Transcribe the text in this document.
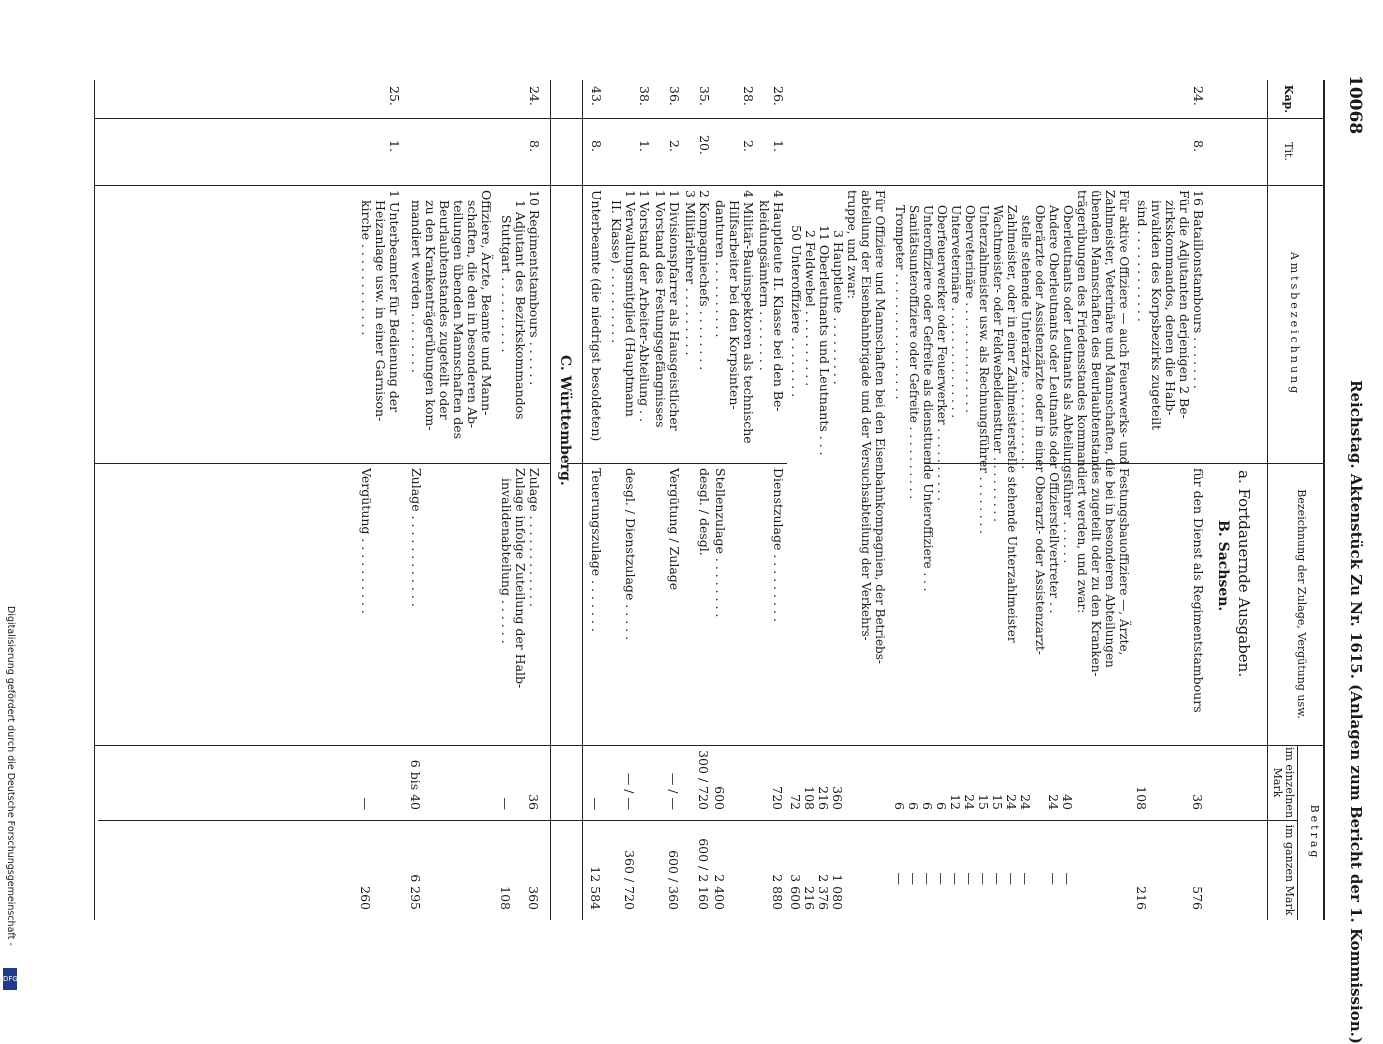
10068
Reichstag. Aktenstück Zu Nr. 1615. (Anlagen zum Bericht der 1. Kommission.)
Kap.
Tit.
Amtsbezeichnung
Bezeichnung der Zulage, Vergütung usw.
Betrag
im einzelnen Mark
im ganzen Mark
a. Fortdauernde Ausgaben.
B. Sachsen.
24.
8.
16 Bataillonstambours . . . . . . .
Für die Adjutanten derjenigen 2 Be-
zirkskommandos, denen die Halb-
invaliden des Korpsbezirks zugeteilt
sind . . . . . . . . . . . .
für den Dienst als Regimentstambours
36
576
108
216
Für aktive Offiziere — auch Feuerwerks- und Festungsbauoffiziere —, Ärzte,
Zahlmeister, Veterinäre und Mannschaften, die bei in besonderen Abteilungen
übenden Mannschaften des Beurlaubtenstandes zugeteilt oder zu den Kranken-
trägerübungen des Friedensstandes kommandiert werden, und zwar:
Oberleutnants oder Leutnants als Abteilungsführer . . . . . .
Andere Oberleutnants oder Leutnants oder Offizierstellvertreter . .
Oberärzte oder Assistenzärzte oder in einer Oberarzt- oder Assistenzarzt-
stelle stehende Unterärzte . . . . . . . . . . . .
Zahlmeister, oder in einer Zahlmeisterstelle stehende Unterzahlmeister
Wachtmeister- oder Feldwebeldiensttuer . . . . . . . . .
Unterzahlmeister usw. als Rechnungsführer . . . . . . . .
Oberveterinäre . . . . . . . . . . . . . . .
Unterveterinäre . . . . . . . . . . . . . . .
Oberfeuerwerker oder Feuerwerker . . . . . . . . . .
Unteroffiziere oder Gefreite als diensttuende Unteroffiziere . . .
Sanitätsunteroffiziere oder Gefreite . . . . . . . . . .
Trompeter . . . . . . . . . . . . . . . . .
40
24
24
24
15
15
24
12
6
6
6
6
—
—
—
—
—
—
—
—
—
—
—
—
Für Offiziere und Mannschaften bei den Eisenbahnkompagnien, der Betriebs-
abteilung der Eisenbahnbrigade und der Versuchsabteilung der Verkehrs-
truppe, und zwar:
3 Hauptleute . . . . . . . . .
11 Oberleutnants und Leutnants . . .
2 Feldwebel . . . . . . . . . .
50 Unteroffiziere . . . . . . . .
360
216
108
72
1 080
2 376
216
3 600
26.
1.
4 Hauptleute II. Klasse bei den Be-
kleidungsämtern . . . . . . . .
Dienstzulage . . . . . . . . .
720
2 880
28.
2.
4 Militär-Bauinspektoren als technische
Hilfsarbeiter bei den Korpsinten-
danturen . . . . . . . . . .
Stellenzulage . . . . . . . .
600
2 400
35.
20.
2 Kompagniechefs . . . . . . . .
3 Militärlehrer . . . . . . . . .
desgl. / desgl.
300 / 720
600 / 2 160
36.
2.
1 Divisionspfarrer als Hausgeistlicher
1 Vorstand des Festungsgefängnisses
Vergütung / Zulage
— / —
600 / 360
38.
1.
1 Vorstand der Arbeiter-Abteilung . .
1 Verwaltungsmitglied (Hauptmann
II. Klasse) . . . . . . . . . .
desgl. / Dienstzulage . . . . .
— / —
360 / 720
43.
8.
Unterbeamte (die niedrigst besoldeten)
Teuerungszulage . . . . . . .
—
12 584
C. Württemberg.
24.
8.
10 Regimentstambours . . . . . .
1 Adjutant des Bezirkskommandos
Stuttgart . . . . . . . . . .
Zulage . . . . . . . . . . . .
Zulage infolge Zuteilung der Halb-
invalidenabteilung . . . . . .
36
360
—
108
Offiziere, Ärzte, Beamte und Mann-
schaften, die den in besonderen Ab-
teilungen übenden Mannschaften des
Beurlaubtenstandes zugeteilt oder
zu den Krankenträgerübungen kom-
mandiert werden . . . . . . . .
Zulage . . . . . . . . . . . .
6 bis 40
6 295
25.
1.
1 Unterbeamter für Bedienung der
Heizanlage usw. in einer Garnison-
kirche . . . . . . . . . . . .
Vergütung . . . . . . . . . .
—
260
Digitalisierung gefördert durch die Deutsche Forschungsgemeinschaft -
DFG
